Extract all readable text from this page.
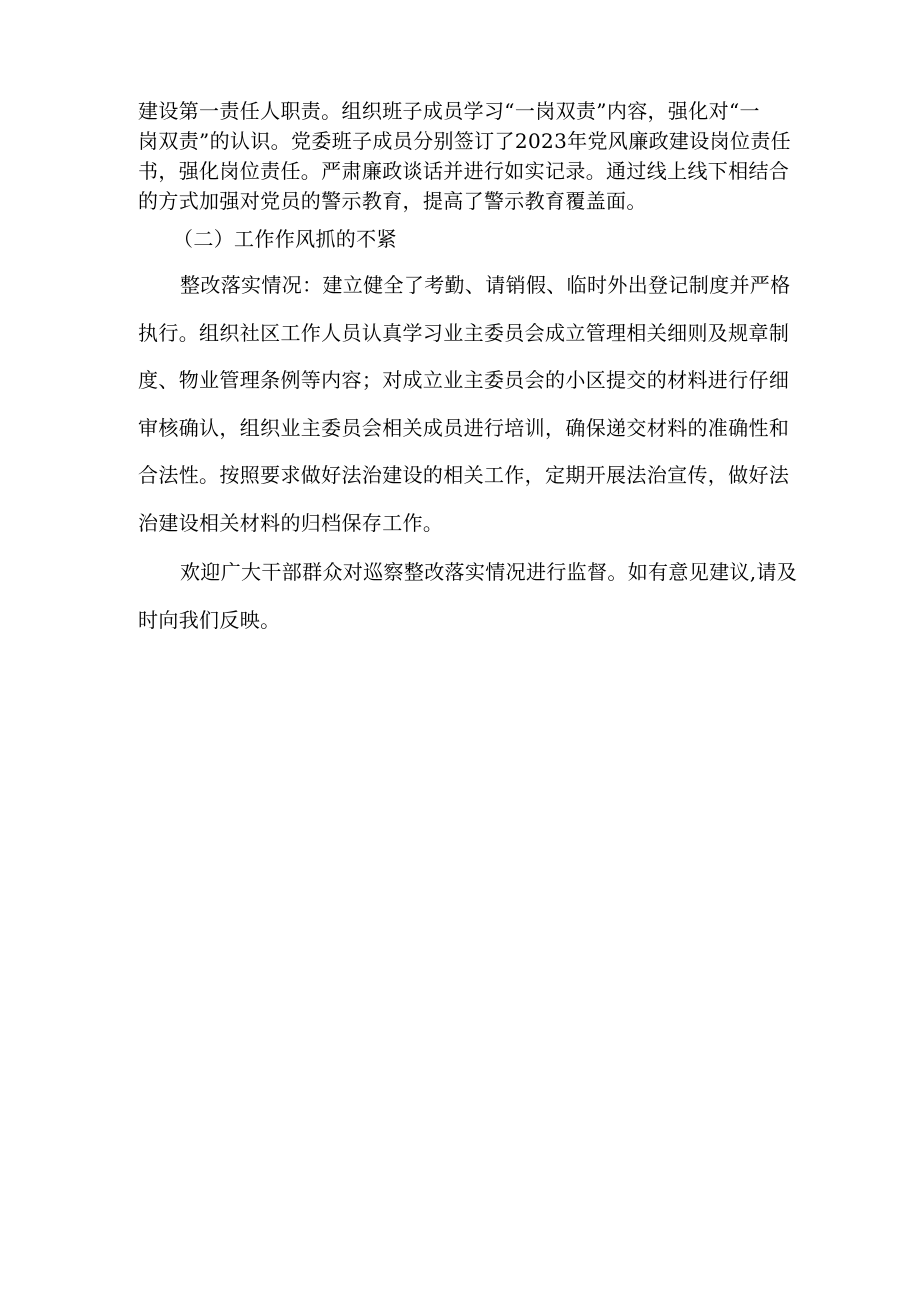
建设第一责任人职责。组织班子成员学习“一岗双责”内容，强化对“一
岗双责”的认识。党委班子成员分别签订了2023年党风廉政建设岗位责任
书，强化岗位责任。严肃廉政谈话并进行如实记录。通过线上线下相结合
的方式加强对党员的警示教育，提高了警示教育覆盖面。
（二）工作作风抓的不紧
整改落实情况：建立健全了考勤、请销假、临时外出登记制度并严格
执行。组织社区工作人员认真学习业主委员会成立管理相关细则及规章制
度、物业管理条例等内容；对成立业主委员会的小区提交的材料进行仔细
审核确认，组织业主委员会相关成员进行培训，确保递交材料的准确性和
合法性。按照要求做好法治建设的相关工作，定期开展法治宣传，做好法
治建设相关材料的归档保存工作。
欢迎广大干部群众对巡察整改落实情况进行监督。如有意见建议,请及
时向我们反映。
